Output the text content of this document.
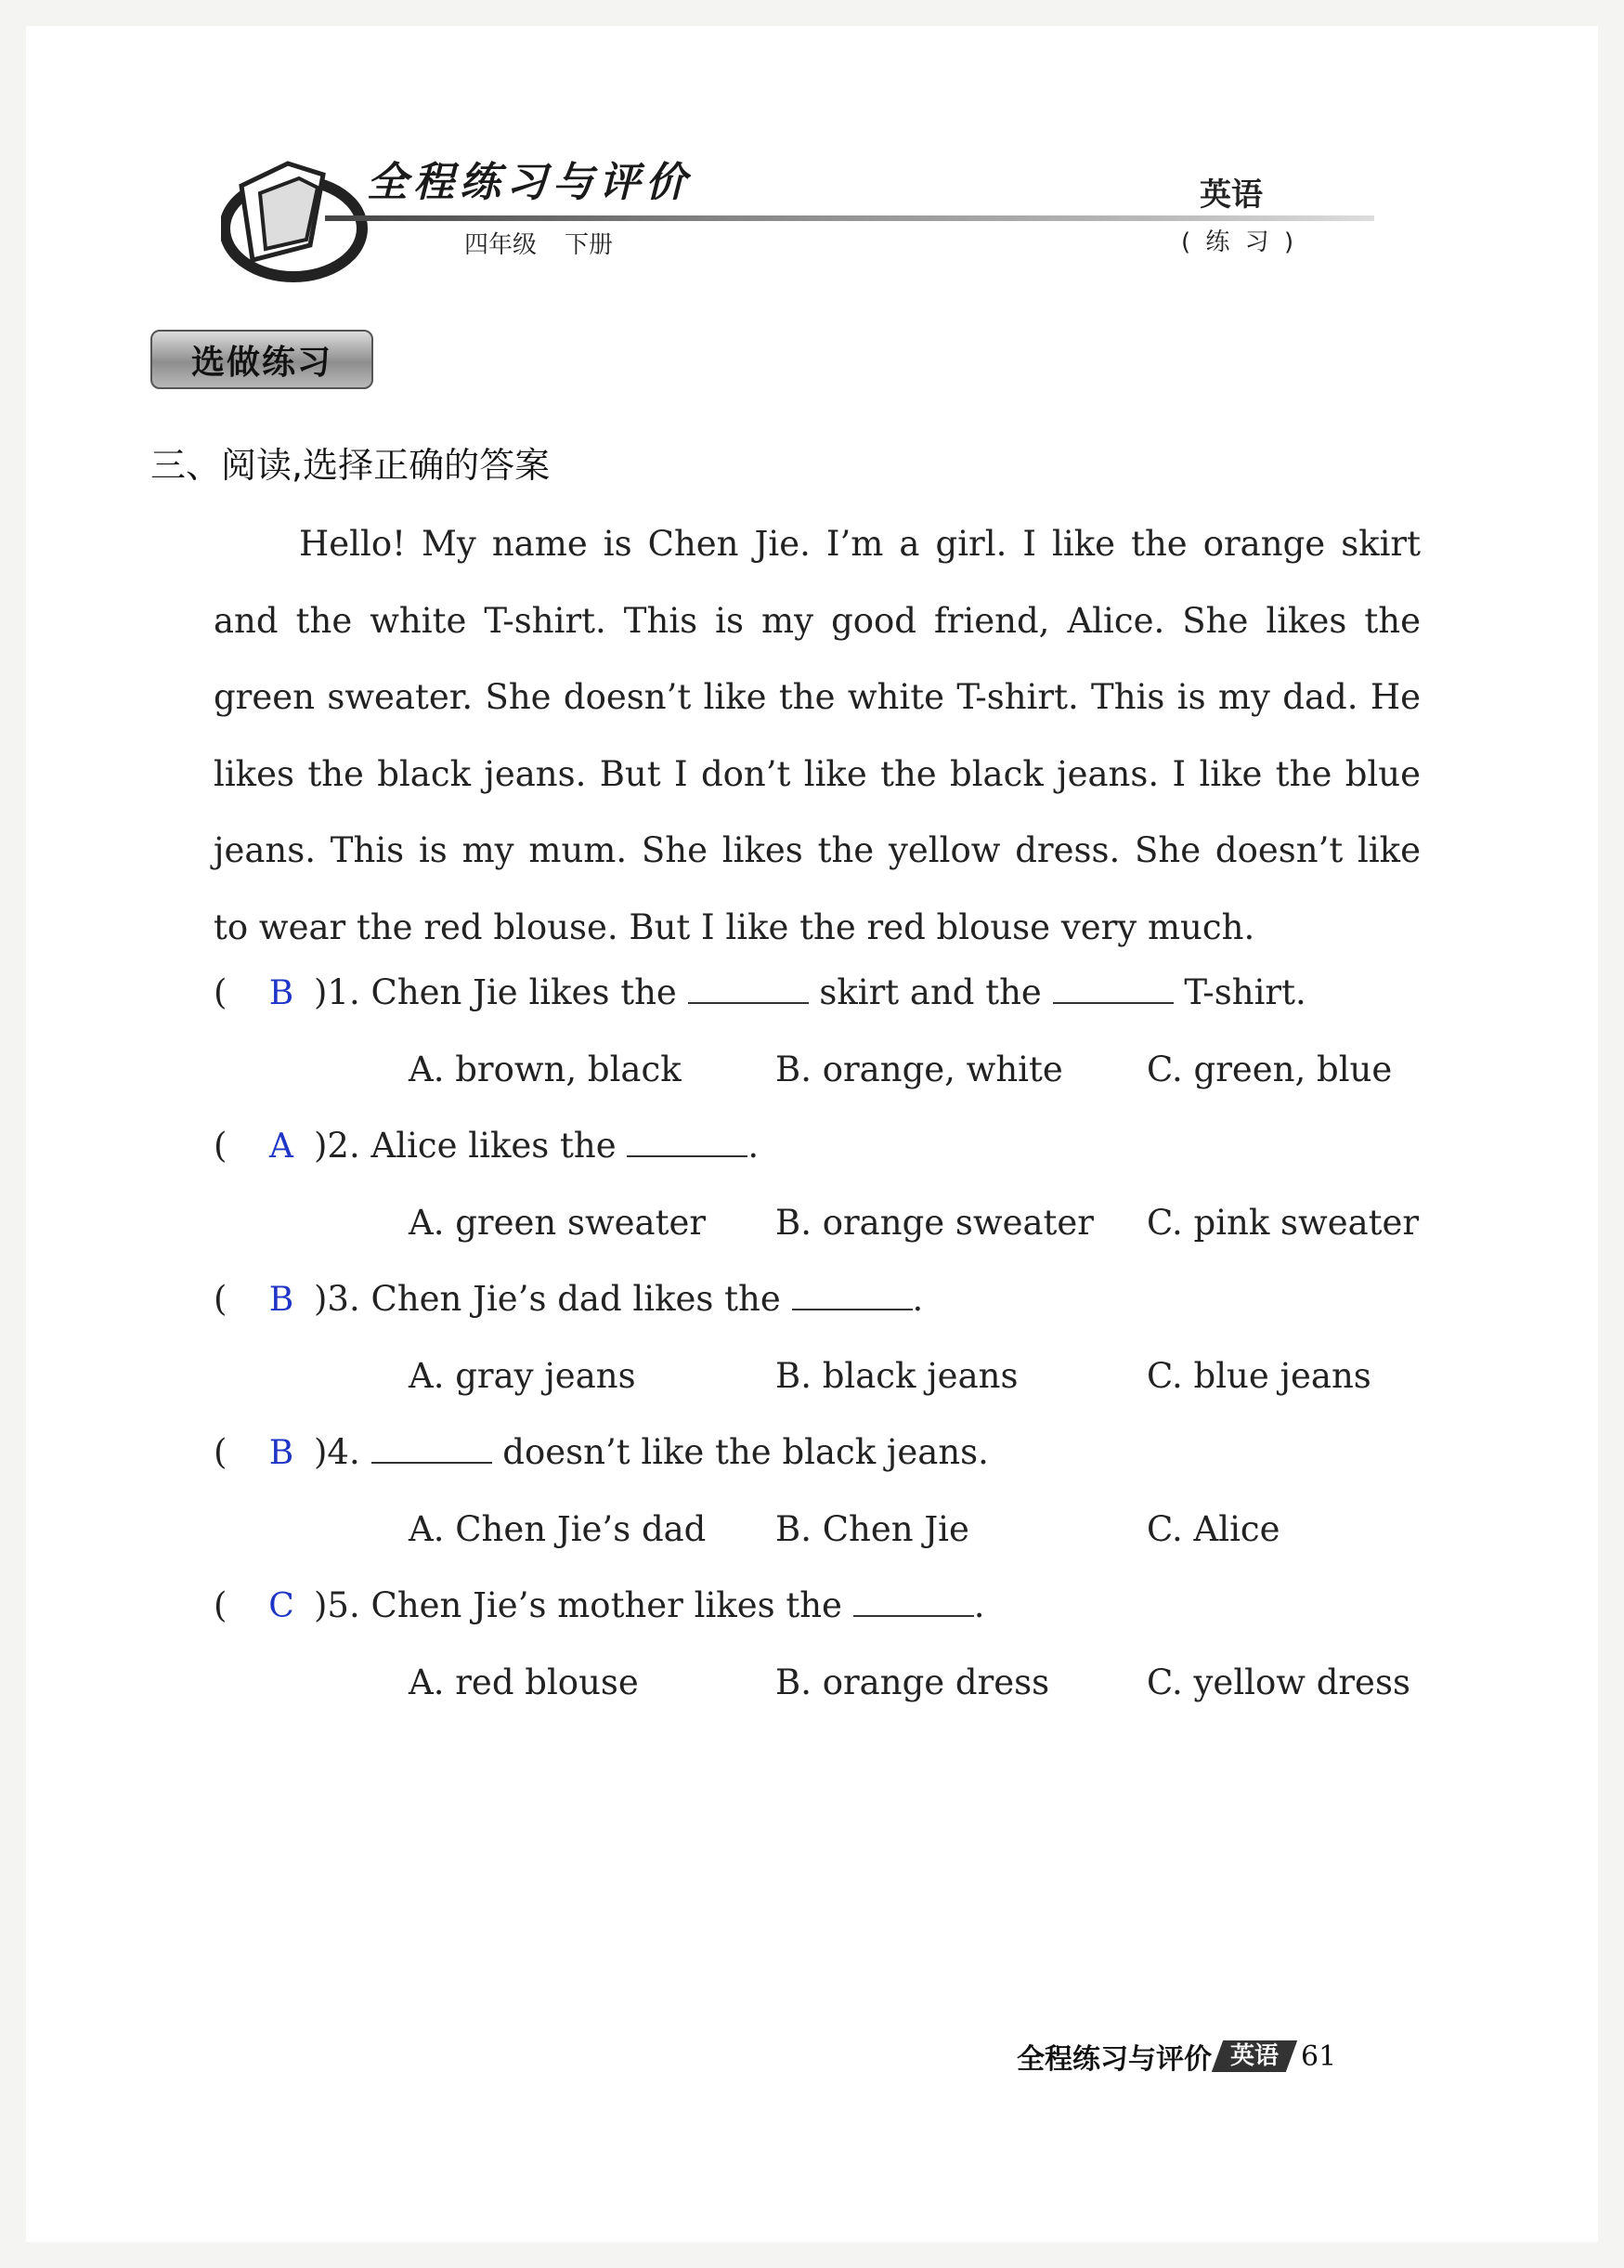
全程练习与评价
四年级 下册
英语
( 练 习 )
选做练习
三、阅读,选择正确的答案
Hello! My name is Chen Jie. I’m a girl. I like the orange skirt and the white T-shirt. This is my good friend, Alice. She likes the green sweater. She doesn’t like the white T-shirt. This is my dad. He likes the black jeans. But I don’t like the black jeans. I like the blue jeans. This is my mum. She likes the yellow dress. She doesn’t like to wear the red blouse. But I like the red blouse very much.
( B )1. Chen Jie likes the	skirt and the	T-shirt.
A. brown, black	B. orange, white C. green, blue
( A )2. Alice likes the	.
A. green sweater B. orange sweater C. pink sweater
( B )3. Chen Jie’s dad likes the	.
A. gray jeans	B. black jeans	C. blue jeans
( B )4.	doesn’t like the black jeans.
A. Chen Jie’s dad B. Chen Jie	C. Alice
( C )5. Chen Jie’s mother likes the	.
A. red blouse	B. orange dress	C. yellow dress
全程练习与评价 英语 61
